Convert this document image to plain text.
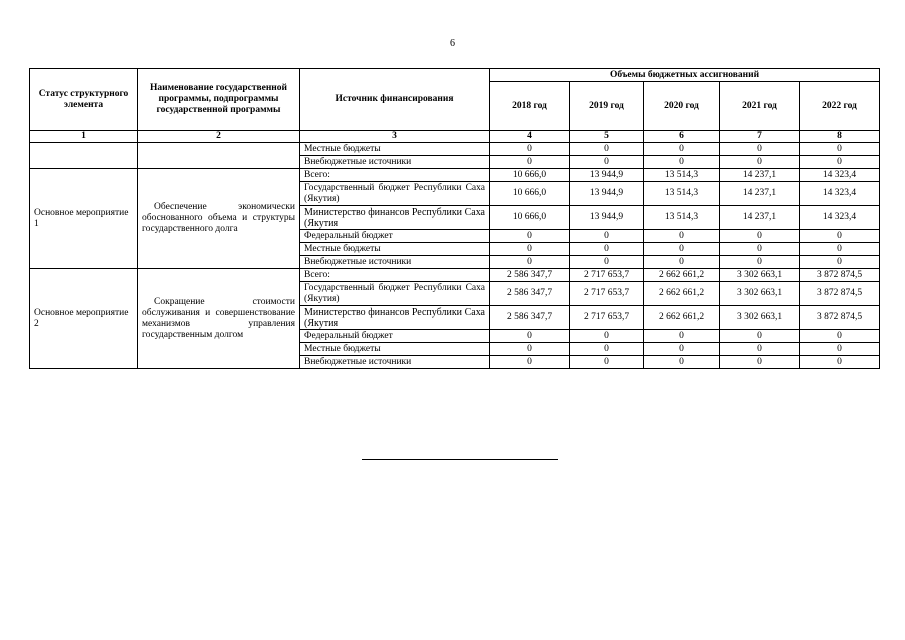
6
Статус структурного элемента	Наименование государственной программы, подпрограммы государственной программы	Источник финансирования	Объемы бюджетных ассигнований				
			2018 год	2019 год	2020 год	2021 год	2022 год
1	2	3	4	5	6	7	8
		Местные бюджеты	0	0	0	0	0
		Внебюджетные источники	0	0	0	0	0
Основное мероприятие 1	Обеспечение экономически обоснованного объема и структуры государственного долга	Всего:	10 666,0	13 944,9	13 514,3	14 237,1	14 323,4
		Государственный бюджет Республики Саха (Якутия)	10 666,0	13 944,9	13 514,3	14 237,1	14 323,4
		Министерство финансов Республики Саха (Якутия	10 666,0	13 944,9	13 514,3	14 237,1	14 323,4
		Федеральный бюджет	0	0	0	0	0
		Местные бюджеты	0	0	0	0	0
		Внебюджетные источники	0	0	0	0	0
Основное мероприятие 2	Сокращение стоимости обслуживания и совершенствование механизмов управления государственным долгом	Всего:	2 586 347,7	2 717 653,7	2 662 661,2	3 302 663,1	3 872 874,5
		Государственный бюджет Республики Саха (Якутия)	2 586 347,7	2 717 653,7	2 662 661,2	3 302 663,1	3 872 874,5
		Министерство финансов Республики Саха (Якутия	2 586 347,7	2 717 653,7	2 662 661,2	3 302 663,1	3 872 874,5
		Федеральный бюджет	0	0	0	0	0
		Местные бюджеты	0	0	0	0	0
		Внебюджетные источники	0	0	0	0	0
